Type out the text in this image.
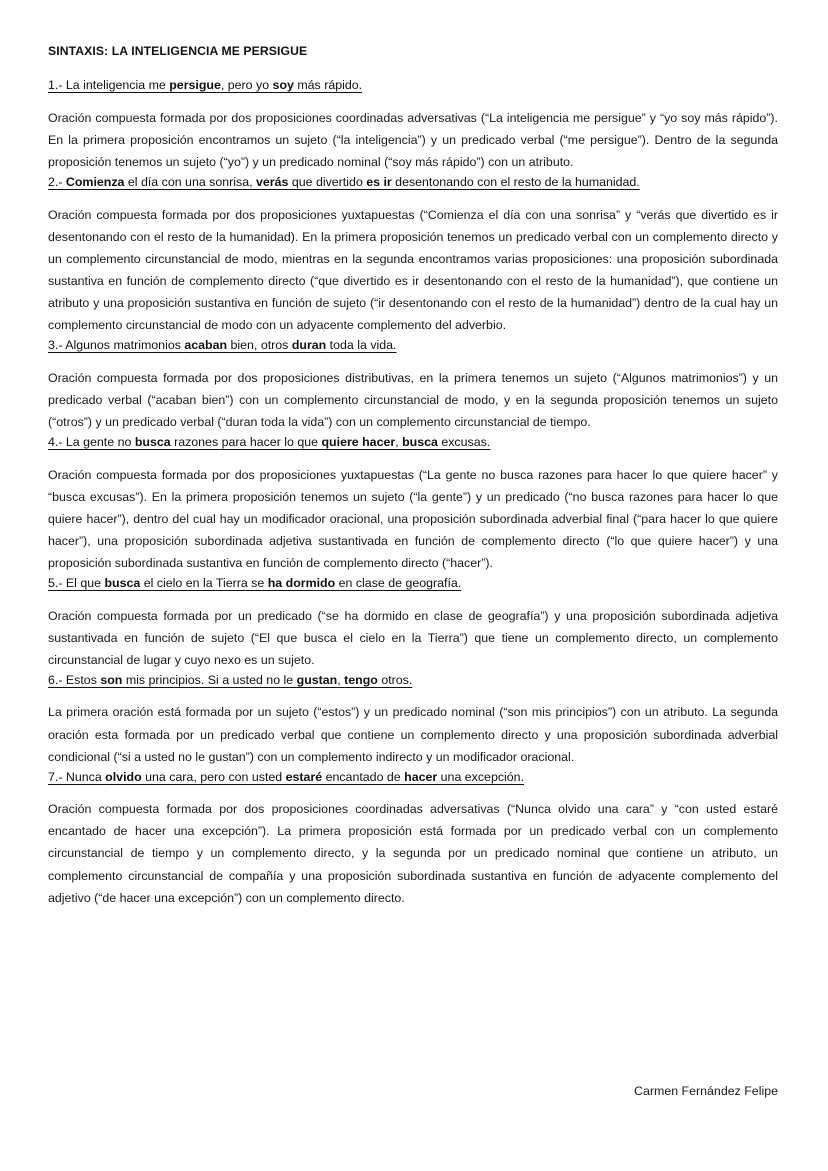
SINTAXIS: LA INTELIGENCIA ME PERSIGUE

1.- La inteligencia me persigue, pero yo soy más rápido.

Oración compuesta formada por dos proposiciones coordinadas adversativas (“La inteligencia me persigue” y “yo soy más rápido”). En la primera proposición encontramos un sujeto (“la inteligencia”) y un predicado verbal (“me persigue”). Dentro de la segunda proposición tenemos un sujeto (“yo”) y un predicado nominal (“soy más rápido”) con un atributo.

2.- Comienza el día con una sonrisa, verás que divertido es ir desentonando con el resto de la humanidad.

Oración compuesta formada por dos proposiciones yuxtapuestas (“Comienza el día con una sonrisa” y “verás que divertido es ir desentonando con el resto de la humanidad). En la primera proposición tenemos un predicado verbal con un complemento directo y un complemento circunstancial de modo, mientras en la segunda encontramos varias proposiciones: una proposición subordinada sustantiva en función de complemento directo (“que divertido es ir desentonando con el resto de la humanidad”), que contiene un atributo y una proposición sustantiva en función de sujeto (“ir desentonando con el resto de la humanidad”) dentro de la cual hay un complemento circunstancial de modo con un adyacente complemento del adverbio.

3.- Algunos matrimonios acaban bien, otros duran toda la vida.

Oración compuesta formada por dos proposiciones distributivas, en la primera tenemos un sujeto (“Algunos matrimonios”) y un predicado verbal (“acaban bien”) con un complemento circunstancial de modo, y en la segunda proposición tenemos un sujeto (“otros”) y un predicado verbal (“duran toda la vida”) con un complemento circunstancial de tiempo.

4.- La gente no busca razones para hacer lo que quiere hacer, busca excusas.

Oración compuesta formada por dos proposiciones yuxtapuestas (“La gente no busca razones para hacer lo que quiere hacer” y “busca excusas”). En la primera proposición tenemos un sujeto (“la gente”) y un predicado (“no busca razones para hacer lo que quiere hacer”), dentro del cual hay un modificador oracional, una proposición subordinada adverbial final (“para hacer lo que quiere hacer”), una proposición subordinada adjetiva sustantivada en función de complemento directo (“lo que quiere hacer”) y una proposición subordinada sustantiva en función de complemento directo (“hacer”).

5.- El que busca el cielo en la Tierra se ha dormido en clase de geografía.

Oración compuesta formada por un predicado (“se ha dormido en clase de geografía”) y una proposición subordinada adjetiva sustantivada en función de sujeto (“El que busca el cielo en la Tierra”) que tiene un complemento directo, un complemento circunstancial de lugar y cuyo nexo es un sujeto.

6.- Estos son mis principios. Si a usted no le gustan, tengo otros.

La primera oración está formada por un sujeto (“estos”) y un predicado nominal (“son mis principios”) con un atributo. La segunda oración esta formada por un predicado verbal que contiene un complemento directo y una proposición subordinada adverbial condicional (“si a usted no le gustan”) con un complemento indirecto y un modificador oracional.

7.- Nunca olvido una cara, pero con usted estaré encantado de hacer una excepción.

Oración compuesta formada por dos proposiciones coordinadas adversativas (“Nunca olvido una cara” y “con usted estaré encantado de hacer una excepción”). La primera proposición está formada por un predicado verbal con un complemento circunstancial de tiempo y un complemento directo, y la segunda por un predicado nominal que contiene un atributo, un complemento circunstancial de compañía y una proposición subordinada sustantiva en función de adyacente complemento del adjetivo (“de hacer una excepción”) con un complemento directo.

Carmen Fernández Felipe
